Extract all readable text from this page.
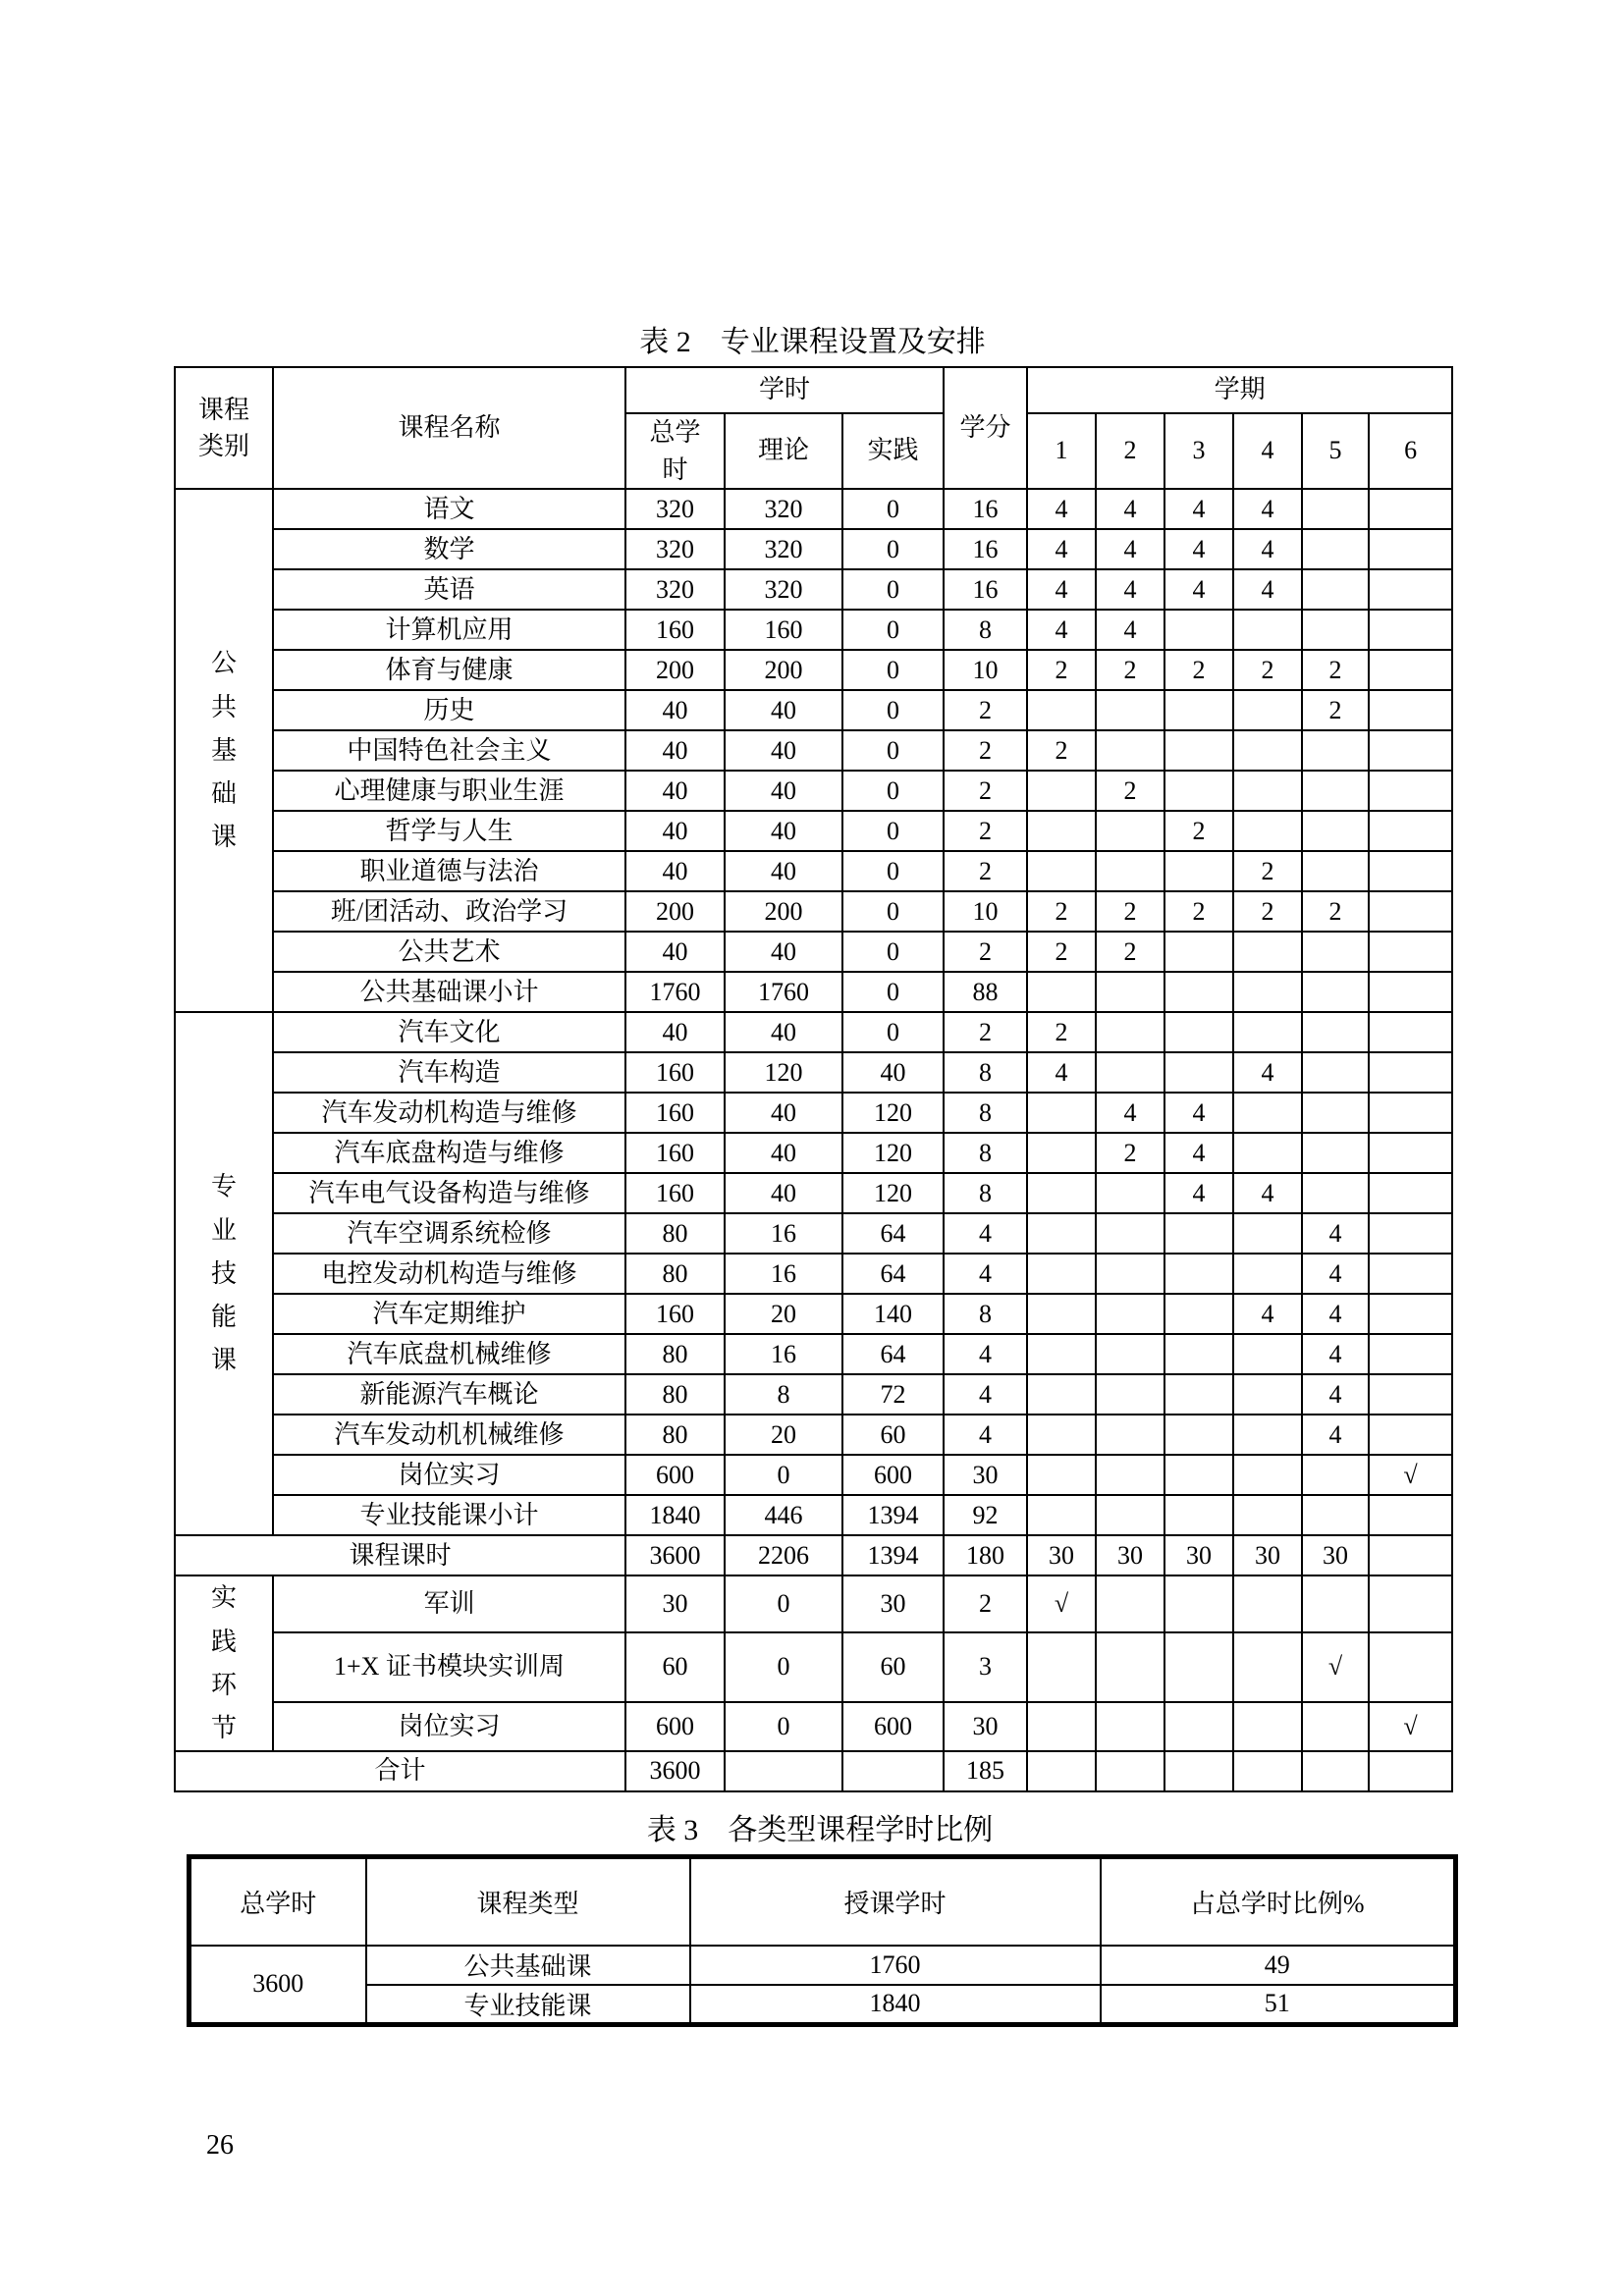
表 2　专业课程设置及安排
课程类别	课程名称	学时			学分	学期					
		总学时	理论	实践		1	2	3	4	5	6
公共基础课	语文	320	320	0	16	4	4	4	4		
	数学	320	320	0	16	4	4	4	4		
	英语	320	320	0	16	4	4	4	4		
	计算机应用	160	160	0	8	4	4				
	体育与健康	200	200	0	10	2	2	2	2	2	
	历史	40	40	0	2					2	
	中国特色社会主义	40	40	0	2	2					
	心理健康与职业生涯	40	40	0	2		2				
	哲学与人生	40	40	0	2			2			
	职业道德与法治	40	40	0	2				2		
	班/团活动、政治学习	200	200	0	10	2	2	2	2	2	
	公共艺术	40	40	0	2	2	2				
	公共基础课小计	1760	1760	0	88						
专业技能课	汽车文化	40	40	0	2	2					
	汽车构造	160	120	40	8	4			4		
	汽车发动机构造与维修	160	40	120	8		4	4			
	汽车底盘构造与维修	160	40	120	8		2	4			
	汽车电气设备构造与维修	160	40	120	8			4	4		
	汽车空调系统检修	80	16	64	4					4	
	电控发动机构造与维修	80	16	64	4					4	
	汽车定期维护	160	20	140	8				4	4	
	汽车底盘机械维修	80	16	64	4					4	
	新能源汽车概论	80	8	72	4					4	
	汽车发动机机械维修	80	20	60	4					4	
	岗位实习	600	0	600	30						√
	专业技能课小计	1840	446	1394	92						
课程课时		3600	2206	1394	180	30	30	30	30	30	
实践环节	军训	30	0	30	2	√					
	1+X 证书模块实训周	60	0	60	3					√	
	岗位实习	600	0	600	30						√
合计		3600			185						
表 3　各类型课程学时比例
总学时	课程类型	授课学时	占总学时比例%
3600	公共基础课	1760	49
	专业技能课	1840	51
26
